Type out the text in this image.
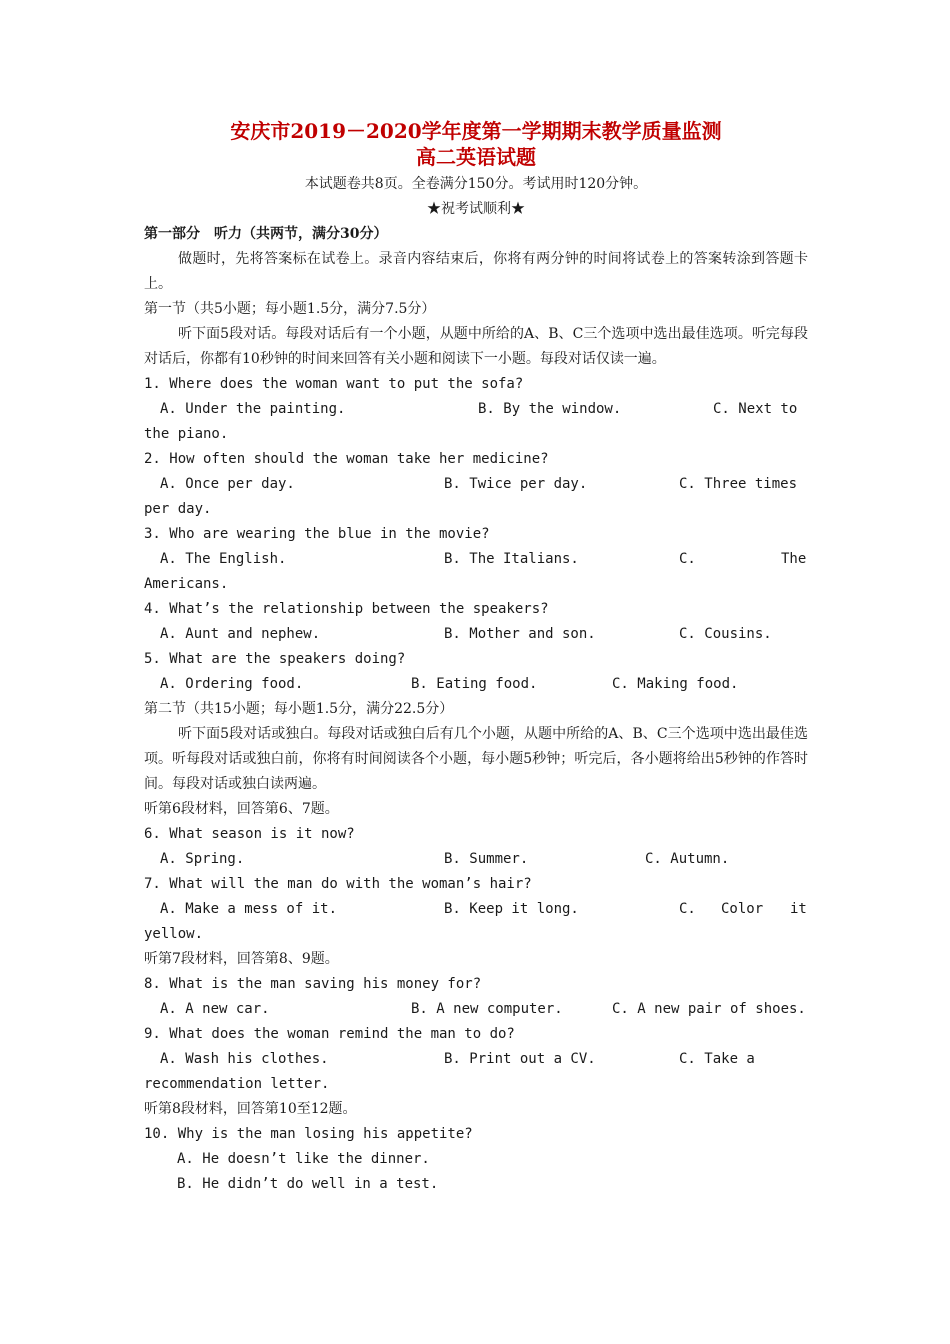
安庆市2019－2020学年度第一学期期末教学质量监测
高二英语试题
本试题卷共8页。全卷满分150分。考试用时120分钟。
★祝考试顺利★
第一部分　听力（共两节，满分30分）
做题时，先将答案标在试卷上。录音内容结束后，你将有两分钟的时间将试卷上的答案转涂到答题卡上。
第一节（共5小题；每小题1.5分，满分7.5分）
听下面5段对话。每段对话后有一个小题，从题中所给的A、B、C三个选项中选出最佳选项。听完每段对话后，你都有10秒钟的时间来回答有关小题和阅读下一小题。每段对话仅读一遍。
1. Where does the woman want to put the sofa?
A. Under the painting.	B. By the window.	C. Next to
the piano.
2. How often should the woman take her medicine?
A. Once per day.	B. Twice per day.	C. Three times
per day.
3. Who are wearing the blue in the movie?
A. The English.	B. The Italians.	C.	The
Americans.
4. What’s the relationship between the speakers?
A. Aunt and nephew.	B. Mother and son.	C. Cousins.
5. What are the speakers doing?
A. Ordering food.	B. Eating food.	C. Making food.
第二节（共15小题；每小题1.5分，满分22.5分）
听下面5段对话或独白。每段对话或独白后有几个小题，从题中所给的A、B、C三个选项中选出最佳选项。听每段对话或独白前，你将有时间阅读各个小题，每小题5秒钟；听完后，各小题将给出5秒钟的作答时间。每段对话或独白读两遍。
听第6段材料，回答第6、7题。
6. What season is it now?
A. Spring.	B. Summer.	C. Autumn.
7. What will the man do with the woman’s hair?
A. Make a mess of it.	B. Keep it long.	C. Color it
yellow.
听第7段材料，回答第8、9题。
8. What is the man saving his money for?
A. A new car.	B. A new computer.	C. A new pair of shoes.
9. What does the woman remind the man to do?
A. Wash his clothes.	B. Print out a CV.	C. Take a
recommendation letter.
听第8段材料，回答第10至12题。
10. Why is the man losing his appetite?
A. He doesn’t like the dinner.
B. He didn’t do well in a test.
